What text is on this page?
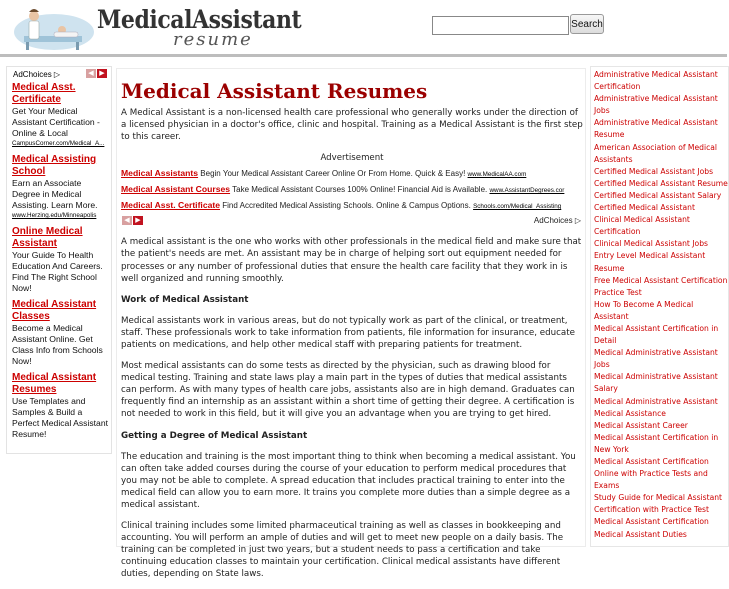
MedicalAssistant
resume
Search
AdChoices ▷	◀ ▶
Medical Asst. Certificate
Get Your Medical Assistant Certification - Online & Local
CampusCorner.com/Medical_A...
Medical Assisting School
Earn an Associate Degree in Medical Assisting. Learn More.
www.Herzing.edu/Minneapolis
Online Medical Assistant
Your Guide To Health Education And Careers. Find The Right School Now!
Medical Assistant Classes
Become a Medical Assistant Online. Get Class Info from Schools Now!
Medical Assistant Resumes
Use Templates and Samples & Build a Perfect Medical Assistant Resume!
Medical Assistant Resumes

A Medical Assistant is a non-licensed health care professional who generally works under the direction of a licensed physician in a doctor's office, clinic and hospital. Training as a Medical Assistant is the first step to this career.

Advertisement
Medical Assistants Begin Your Medical Assistant Career Online Or From Home. Quick & Easy! www.MedicalAA.com
Medical Assistant Courses Take Medical Assistant Courses 100% Online! Financial Aid is Available. www.AssistantDegrees.cor
Medical Asst. Certificate Find Accredited Medical Assisting Schools. Online & Campus Options. Schools.com/Medical_Assisting
◀ ▶	AdChoices ▷

A medical assistant is the one who works with other professionals in the medical field and make sure that the patient's needs are met. An assistant may be in charge of helping sort out equipment needed for processes or any number of professional duties that ensure the health care facility that they work in is well organized and running smoothly.

Work of Medical Assistant

Medical assistants work in various areas, but do not typically work as part of the clinical, or treatment, staff. These professionals work to take information from patients, file information for insurance, educate patients on medications, and help other medical staff with preparing patients for treatment.

Most medical assistants can do some tests as directed by the physician, such as drawing blood for medical testing. Training and state laws play a main part in the types of duties that medical assistants can perform. As with many types of health care jobs, assistants also are in high demand. Graduates can frequently find an internship as an assistant within a short time of getting their degree. A certification is not needed to work in this field, but it will give you an advantage when you are trying to get hired.

Getting a Degree of Medical Assistant

The education and training is the most important thing to think when becoming a medical assistant. You can often take added courses during the course of your education to perform medical procedures that you may not be able to complete. A spread education that includes practical training to enter into the medical field can allow you to earn more. It trains you complete more duties than a simple degree as a medical assistant.

Clinical training includes some limited pharmaceutical training as well as classes in bookkeeping and accounting. You will perform an ample of duties and will get to meet new people on a daily basis. The training can be completed in just two years, but a student needs to pass a certification and take continuing education classes to maintain your certification. Clinical medical assistants have different duties, depending on State laws.

Administrative Medical Assistant Certification
Administrative Medical Assistant Jobs
Administrative Medical Assistant Resume
American Association of Medical Assistants
Certified Medical Assistant Jobs
Certified Medical Assistant Resume
Certified Medical Assistant Salary
Certified Medical Assistant
Clinical Medical Assistant Certification
Clinical Medical Assistant Jobs
Entry Level Medical Assistant Resume
Free Medical Assistant Certification Practice Test
How To Become A Medical Assistant
Medical Assistant Certification in Detail
Medical Administrative Assistant Jobs
Medical Administrative Assistant Salary
Medical Administrative Assistant
Medical Assistance
Medical Assistant Career
Medical Assistant Certification in New York
Medical Assistant Certification Online with Practice Tests and Exams
Study Guide for Medical Assistant Certification with Practice Test
Medical Assistant Certification
Medical Assistant Duties
